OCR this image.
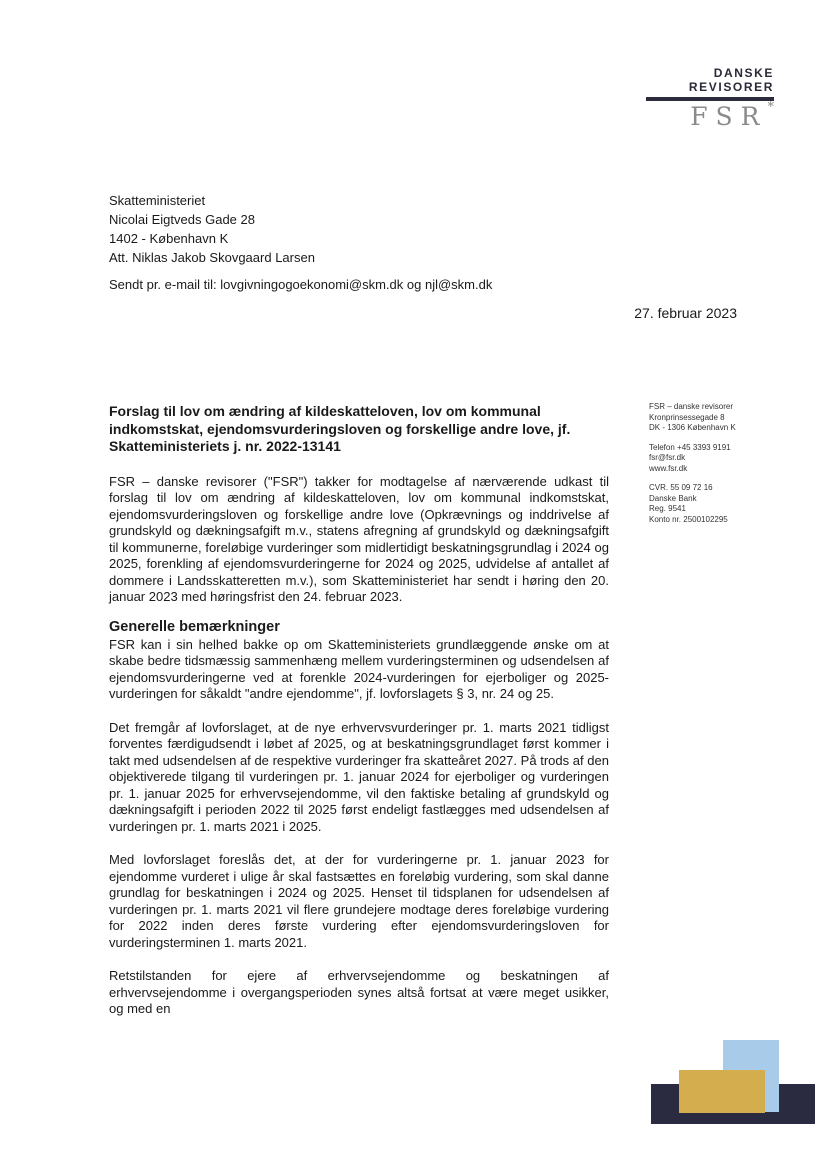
DANSKE
REVISORER
FSR*
Skatteministeriet
Nicolai Eigtveds Gade 28
1402 - København K
Att. Niklas Jakob Skovgaard Larsen
Sendt pr. e-mail til: lovgivningogoekonomi@skm.dk og njl@skm.dk
27. februar 2023
FSR – danske revisorer
Kronprinsessegade 8
DK - 1306 København K
Telefon +45 3393 9191
fsr@fsr.dk
www.fsr.dk
CVR. 55 09 72 16
Danske Bank
Reg. 9541
Konto nr. 2500102295

Forslag til lov om ændring af kildeskatteloven, lov om kommunal indkomstskat, ejendomsvurderingsloven og forskellige andre love, jf. Skatteministeriets j. nr. 2022-13141

FSR – danske revisorer ("FSR") takker for modtagelse af nærværende udkast til forslag til lov om ændring af kildeskatteloven, lov om kommunal indkomstskat, ejendomsvurderingsloven og forskellige andre love (Opkrævnings og inddrivelse af grundskyld og dækningsafgift m.v., statens afregning af grundskyld og dækningsafgift til kommunerne, foreløbige vurderinger som midlertidigt beskatningsgrundlag i 2024 og 2025, forenkling af ejendomsvurderingerne for 2024 og 2025, udvidelse af antallet af dommere i Landsskatteretten m.v.), som Skatteministeriet har sendt i høring den 20. januar 2023 med høringsfrist den 24. februar 2023.

Generelle bemærkninger

FSR kan i sin helhed bakke op om Skatteministeriets grundlæggende ønske om at skabe bedre tidsmæssig sammenhæng mellem vurderingsterminen og udsendelsen af ejendomsvurderingerne ved at forenkle 2024-vurderingen for ejerboliger og 2025-vurderingen for såkaldt "andre ejendomme", jf. lovforslagets § 3, nr. 24 og 25.

Det fremgår af lovforslaget, at de nye erhvervsvurderinger pr. 1. marts 2021 tidligst forventes færdigudsendt i løbet af 2025, og at beskatningsgrundlaget først kommer i takt med udsendelsen af de respektive vurderinger fra skatteåret 2027. På trods af den objektiverede tilgang til vurderingen pr. 1. januar 2024 for ejerboliger og vurderingen pr. 1. januar 2025 for erhvervsejendomme, vil den faktiske betaling af grundskyld og dækningsafgift i perioden 2022 til 2025 først endeligt fastlægges med udsendelsen af vurderingen pr. 1. marts 2021 i 2025.

Med lovforslaget foreslås det, at der for vurderingerne pr. 1. januar 2023 for ejendomme vurderet i ulige år skal fastsættes en foreløbig vurdering, som skal danne grundlag for beskatningen i 2024 og 2025. Henset til tidsplanen for udsendelsen af vurderingen pr. 1. marts 2021 vil flere grundejere modtage deres foreløbige vurdering for 2022 inden deres første vurdering efter ejendomsvurderingsloven for vurderingsterminen 1. marts 2021.

Retstilstanden for ejere af erhvervsejendomme og beskatningen af erhvervsejendomme i overgangsperioden synes altså fortsat at være meget usikker, og med en
